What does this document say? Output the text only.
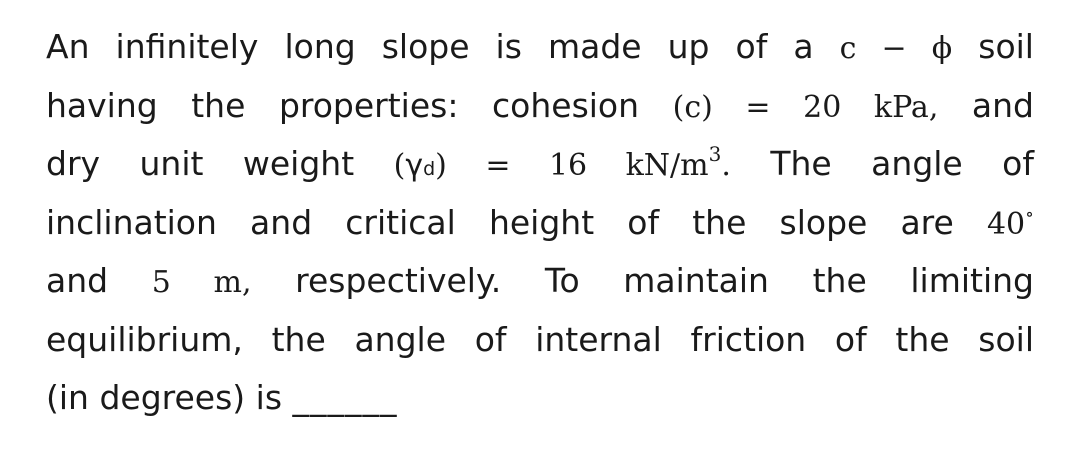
An infinitely long slope is made up of a c − ϕ soil
having the properties: cohesion (c) = 20 kPa, and
dry unit weight (γd) = 16 $kN/m^3$. The angle of
inclination and critical height of the slope are 40∘
and 5 m, respectively. To maintain the limiting
equilibrium, the angle of internal friction of the soil
(in degrees) is ______
